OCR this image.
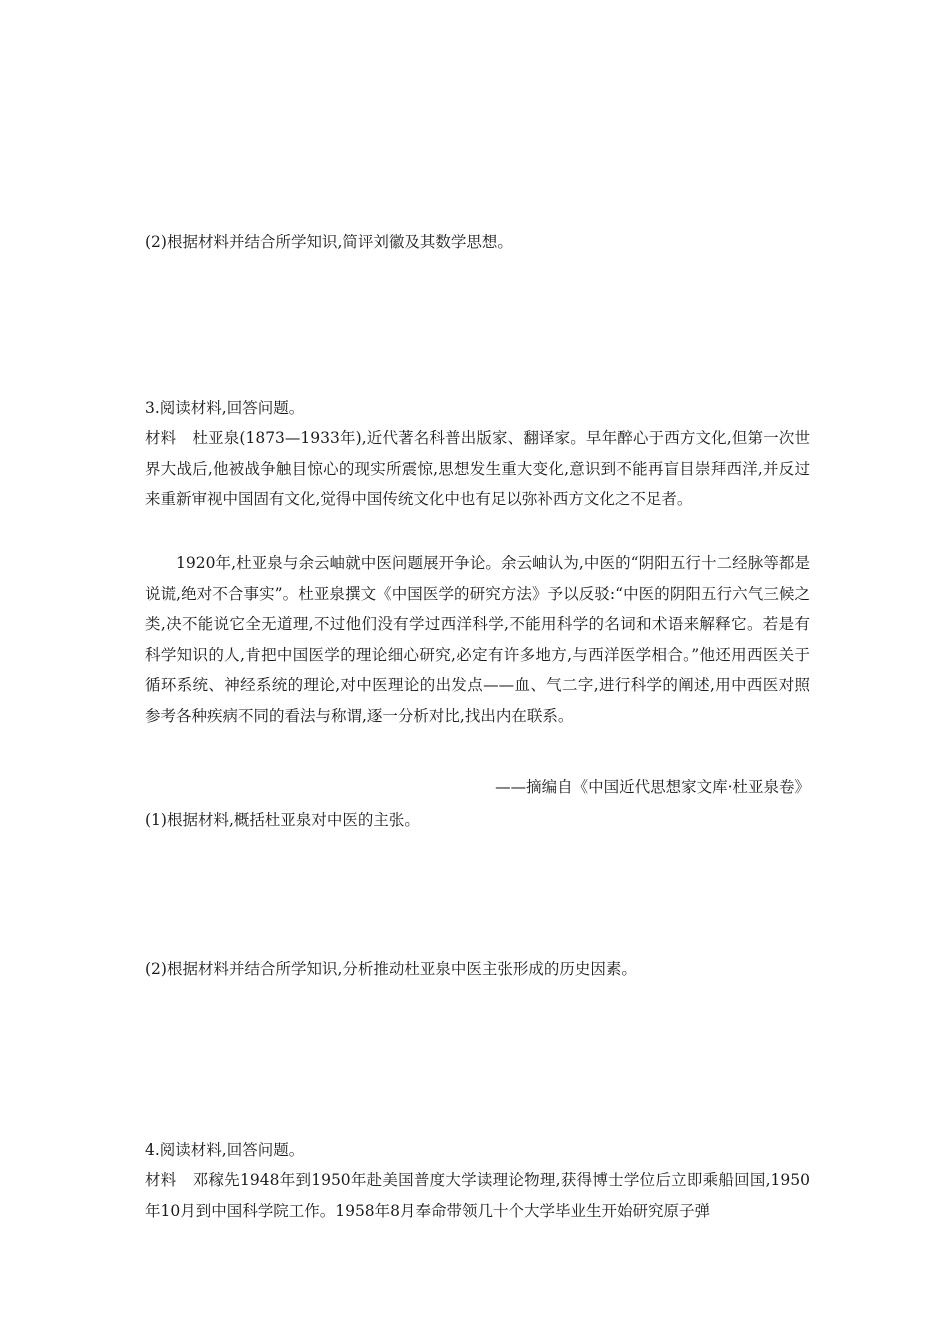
(2)根据材料并结合所学知识,简评刘徽及其数学思想。
3.阅读材料,回答问题。

材料 杜亚泉(1873—1933年),近代著名科普出版家、翻译家。早年醉心于西方文化,但第一次世界大战后,他被战争触目惊心的现实所震惊,思想发生重大变化,意识到不能再盲目崇拜西洋,并反过来重新审视中国固有文化,觉得中国传统文化中也有足以弥补西方文化之不足者。

1920年,杜亚泉与余云岫就中医问题展开争论。余云岫认为,中医的“阴阳五行十二经脉等都是说谎,绝对不合事实”。杜亚泉撰文《中国医学的研究方法》予以反驳:“中医的阴阳五行六气三候之类,决不能说它全无道理,不过他们没有学过西洋科学,不能用科学的名词和术语来解释它。若是有科学知识的人,肯把中国医学的理论细心研究,必定有许多地方,与西洋医学相合。”他还用西医关于循环系统、神经系统的理论,对中医理论的出发点——血、气二字,进行科学的阐述,用中西医对照参考各种疾病不同的看法与称谓,逐一分析对比,找出内在联系。

——摘编自《中国近代思想家文库·杜亚泉卷》
(1)根据材料,概括杜亚泉对中医的主张。
(2)根据材料并结合所学知识,分析推动杜亚泉中医主张形成的历史因素。
4.阅读材料,回答问题。

材料 邓稼先1948年到1950年赴美国普度大学读理论物理,获得博士学位后立即乘船回国,1950年10月到中国科学院工作。1958年8月奉命带领几十个大学毕业生开始研究原子弹
